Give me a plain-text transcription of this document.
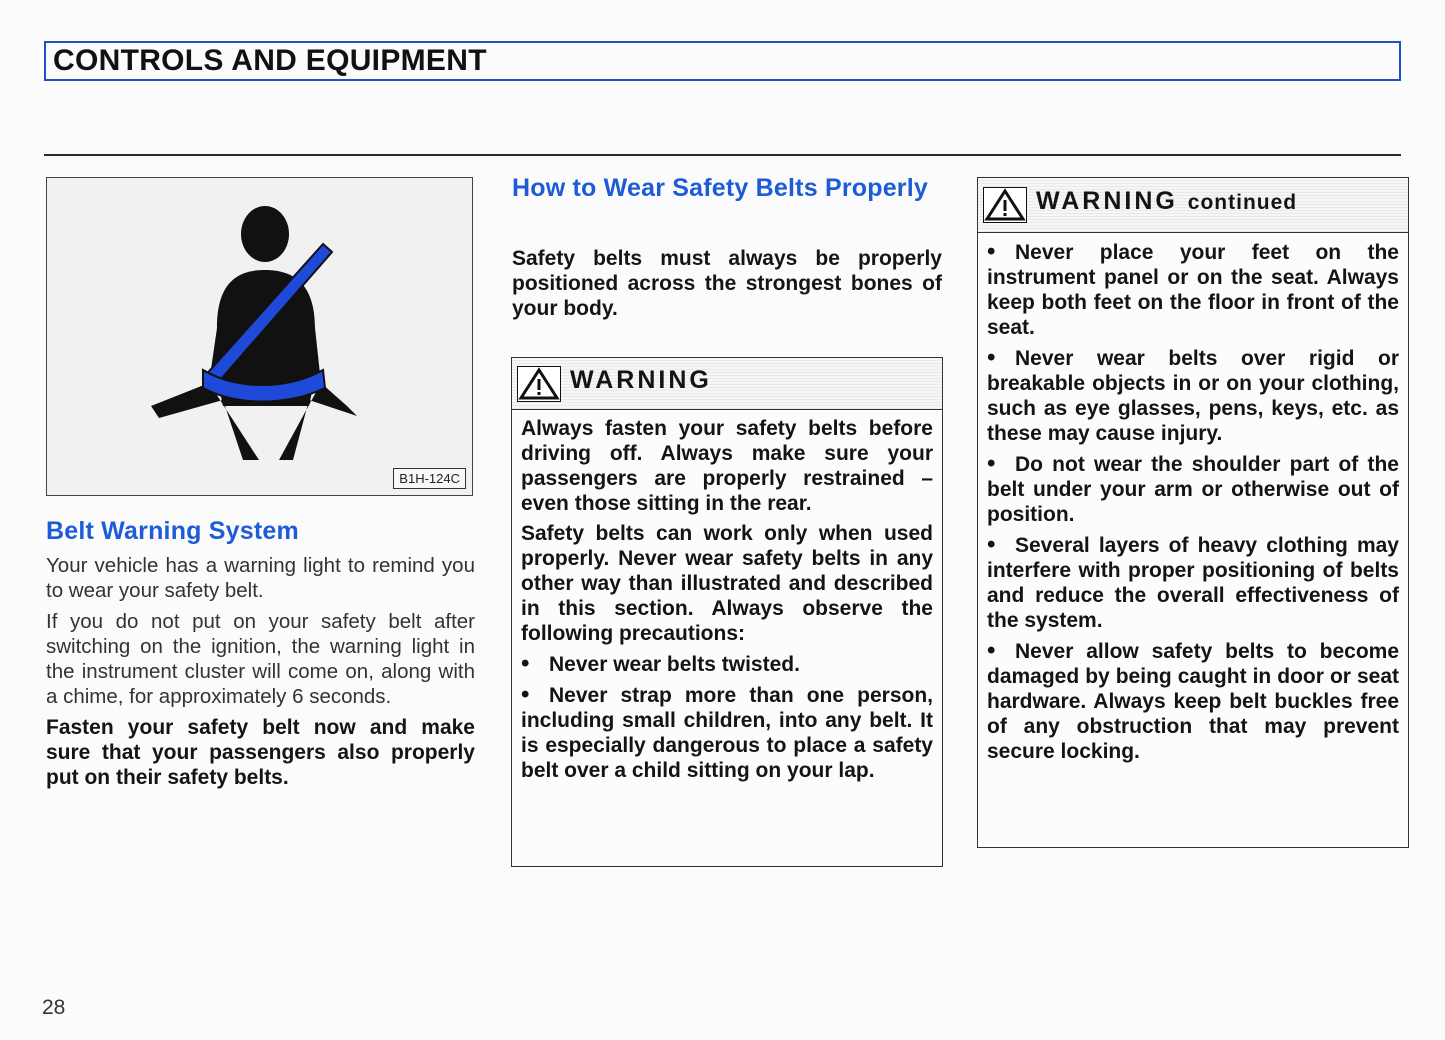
CONTROLS AND EQUIPMENT
B1H-124C
Belt Warning System

Your vehicle has a warning light to remind you to wear your safety belt.

If you do not put on your safety belt after switching on the ignition, the warning light in the instrument cluster will come on, along with a chime, for approximately 6 seconds.

Fasten your safety belt now and make sure that your passengers also properly put on their safety belts.

How to Wear Safety Belts Properly
Safety belts must always be properly positioned across the strongest bones of your body.
WARNING

Always fasten your safety belts before driving off. Always make sure your passengers are properly restrained – even those sitting in the rear.

Safety belts can work only when used properly. Never wear safety belts in any other way than illustrated and described in this section. Always observe the following precautions:

• Never wear belts twisted.

• Never strap more than one person, including small children, into any belt. It is especially dangerous to place a safety belt over a child sitting on your lap.

WARNING continued

• Never place your feet on the instrument panel or on the seat. Always keep both feet on the floor in front of the seat.

• Never wear belts over rigid or breakable objects in or on your clothing, such as eye glasses, pens, keys, etc. as these may cause injury.

• Do not wear the shoulder part of the belt under your arm or otherwise out of position.

• Several layers of heavy clothing may interfere with proper positioning of belts and reduce the overall effectiveness of the system.

• Never allow safety belts to become damaged by being caught in door or seat hardware. Always keep belt buckles free of any obstruction that may prevent secure locking.

28
